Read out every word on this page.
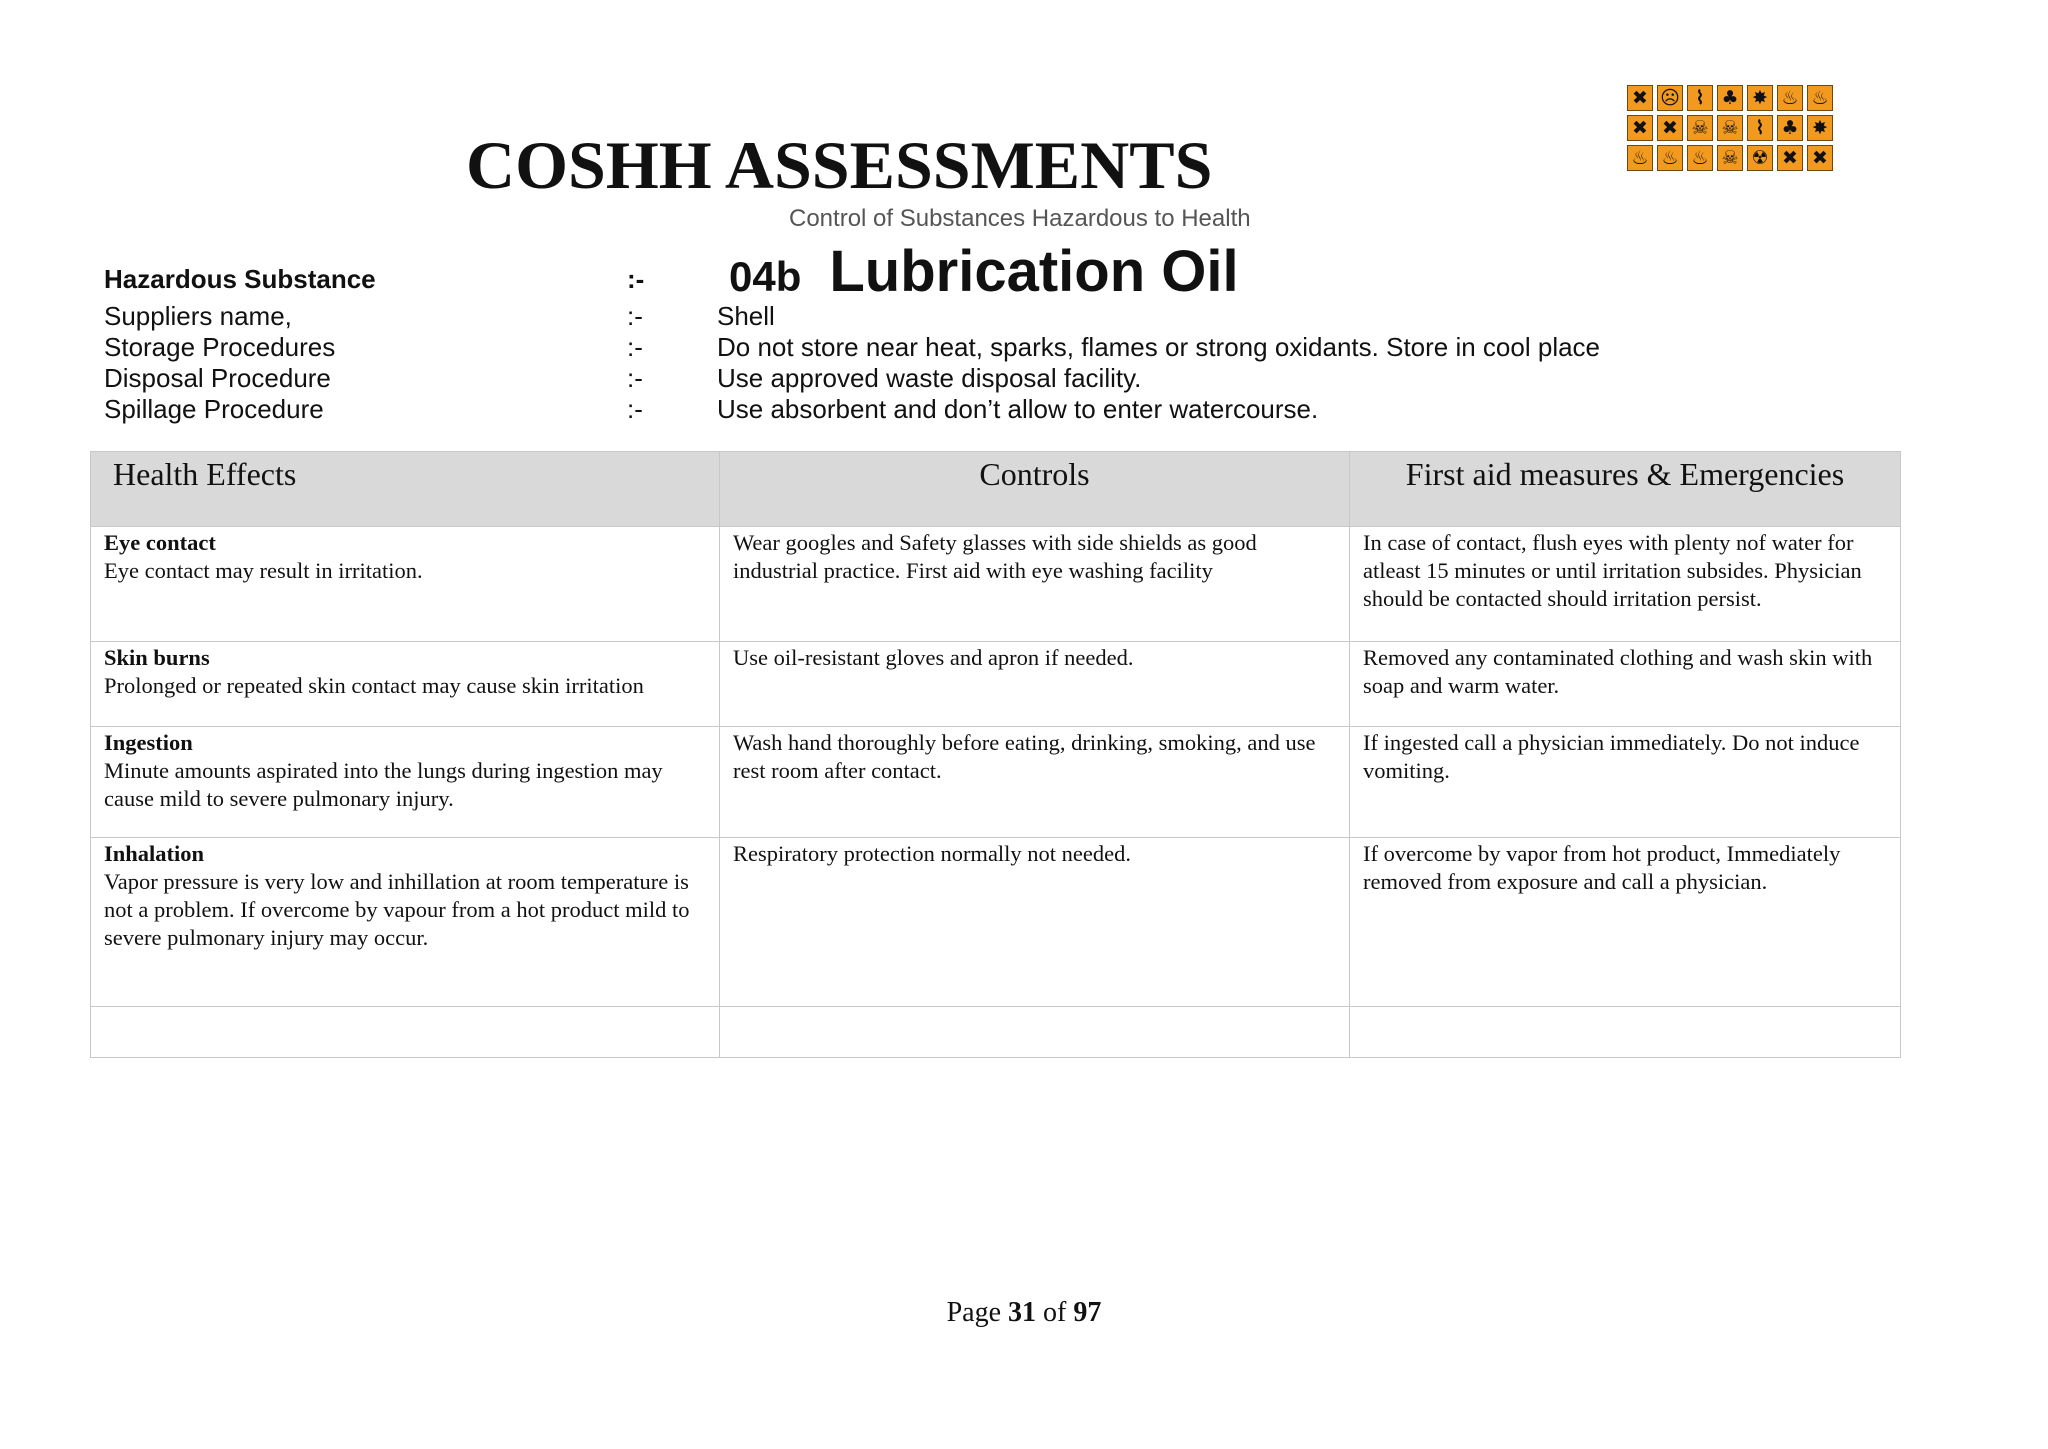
COSHH ASSESSMENTS
✖ ☹ ⌇ ♣ ✸ ♨ ♨
✖ ✖ ☠ ☠ ⌇ ♣ ✸
♨ ♨ ♨ ☠ ☢ ✖ ✖
Control of Substances Hazardous to Health
Hazardous Substance	:- 04b Lubrication Oil
Suppliers name,	:-	Shell
Storage Procedures	:-	Do not store near heat, sparks, flames or strong oxidants. Store in cool place
Disposal Procedure	:-	Use approved waste disposal facility.
Spillage Procedure	:-	Use absorbent and don’t allow to enter watercourse.
Health Effects	Controls	First aid measures & Emergencies

Eye contact
Eye contact may result in irritation.	Wear googles and Safety glasses with side shields as good industrial practice. First aid with eye washing facility	In case of contact, flush eyes with plenty nof water for atleast 15 minutes or until irritation subsides. Physician should be contacted should irritation persist.

Skin burns
Prolonged or repeated skin contact may cause skin irritation	Use oil-resistant gloves and apron if needed.	Removed any contaminated clothing and wash skin with soap and warm water.

Ingestion
Minute amounts aspirated into the lungs during ingestion may cause mild to severe pulmonary injury.	Wash hand thoroughly before eating, drinking, smoking, and use rest room after contact.	If ingested call a physician immediately. Do not induce vomiting.

Inhalation
Vapor pressure is very low and inhillation at room temperature is not a problem. If overcome by vapour from a hot product mild to severe pulmonary injury may occur.	Respiratory protection normally not needed.	If overcome by vapor from hot product, Immediately removed from exposure and call a physician.

Page 31 of 97
